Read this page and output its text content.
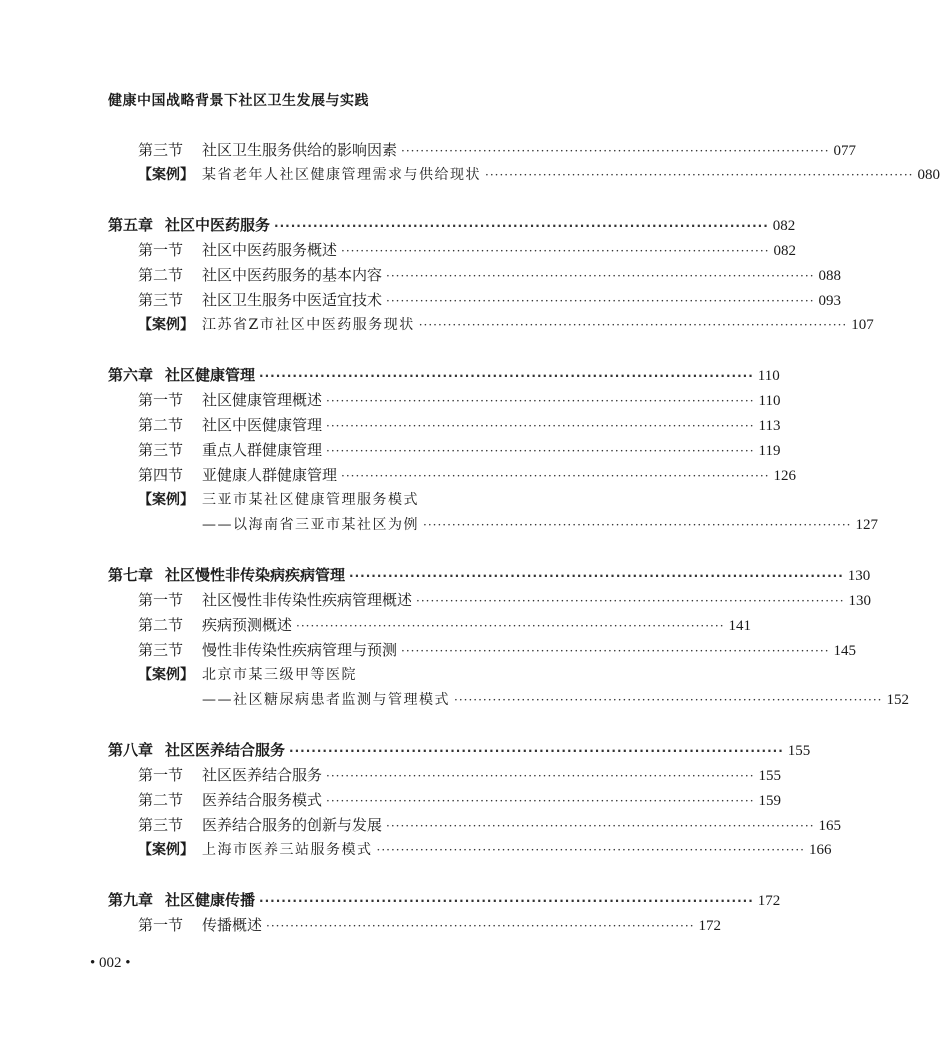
健康中国战略背景下社区卫生发展与实践
第三节	社区卫生服务供给的影响因素 ························································································· 077
【案例】 某省老年人社区健康管理需求与供给现状 ························································································· 080
第五章 社区中医药服务 ························································································· 082
第一节	社区中医药服务概述 ························································································· 082
第二节	社区中医药服务的基本内容 ························································································· 088
第三节	社区卫生服务中医适宜技术 ························································································· 093
【案例】 江苏省Z市社区中医药服务现状 ························································································· 107
第六章 社区健康管理 ························································································· 110
第一节	社区健康管理概述 ························································································· 110
第二节	社区中医健康管理 ························································································· 113
第三节	重点人群健康管理 ························································································· 119
第四节	亚健康人群健康管理 ························································································· 126
【案例】 三亚市某社区健康管理服务模式
——以海南省三亚市某社区为例 ························································································· 127
第七章 社区慢性非传染病疾病管理 ························································································· 130
第一节	社区慢性非传染性疾病管理概述 ························································································· 130
第二节	疾病预测概述 ························································································· 141
第三节	慢性非传染性疾病管理与预测 ························································································· 145
【案例】 北京市某三级甲等医院
——社区糖尿病患者监测与管理模式 ························································································· 152
第八章 社区医养结合服务 ························································································· 155
第一节	社区医养结合服务 ························································································· 155
第二节	医养结合服务模式 ························································································· 159
第三节	医养结合服务的创新与发展 ························································································· 165
【案例】 上海市医养三站服务模式 ························································································· 166
第九章 社区健康传播 ························································································· 172
第一节	传播概述 ························································································· 172
• 002 •
